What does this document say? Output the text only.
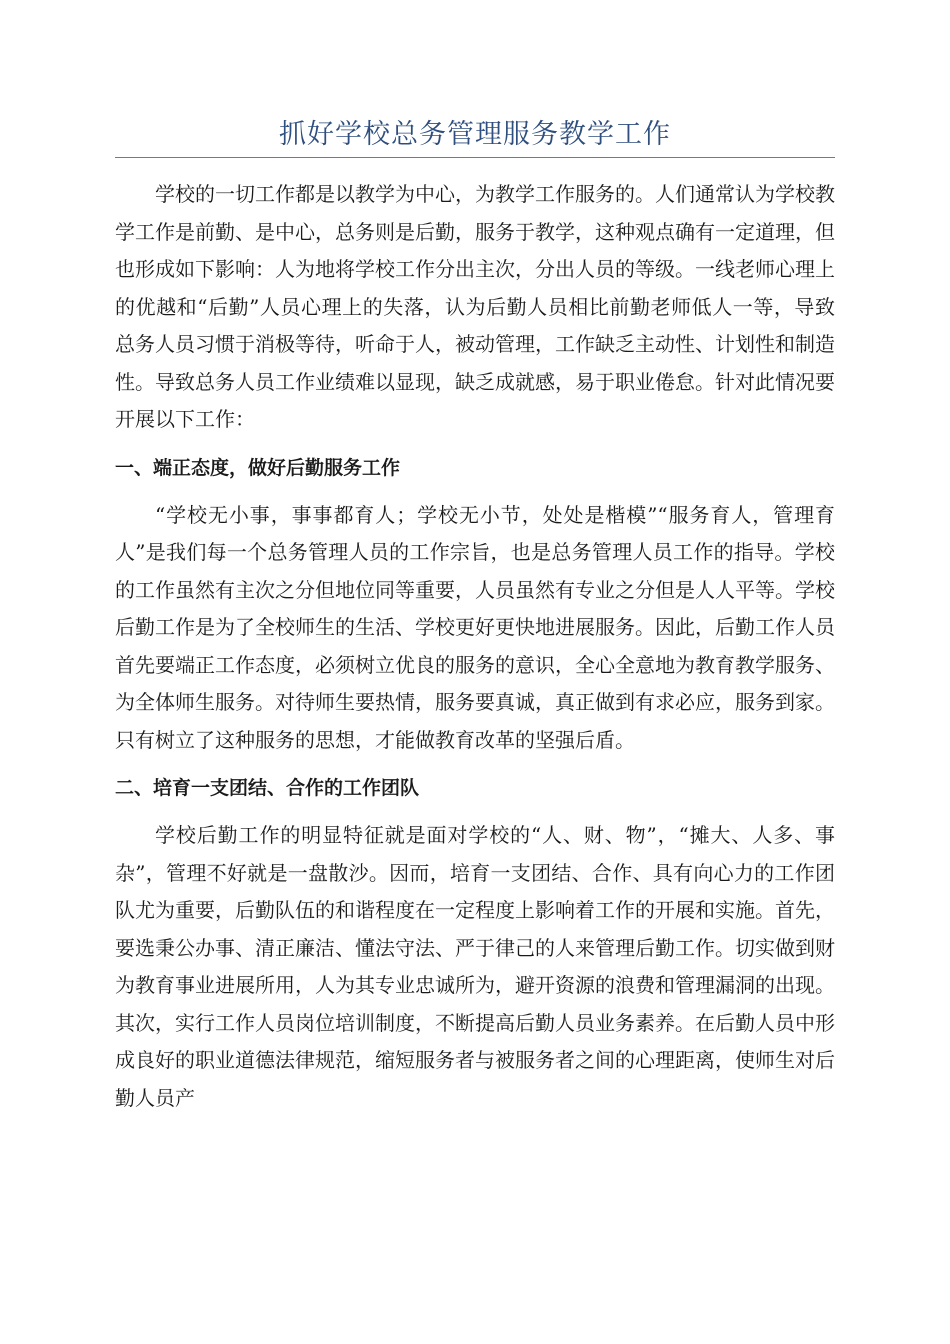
抓好学校总务管理服务教学工作

学校的一切工作都是以教学为中心，为教学工作服务的。人们通常认为学校教学工作是前勤、是中心，总务则是后勤，服务于教学，这种观点确有一定道理，但也形成如下影响：人为地将学校工作分出主次，分出人员的等级。一线老师心理上的优越和“后勤”人员心理上的失落，认为后勤人员相比前勤老师低人一等，导致总务人员习惯于消极等待，听命于人，被动管理，工作缺乏主动性、计划性和制造性。导致总务人员工作业绩难以显现，缺乏成就感，易于职业倦怠。针对此情况要开展以下工作：

一、端正态度，做好后勤服务工作

“学校无小事，事事都育人；学校无小节，处处是楷模”“服务育人，管理育人”是我们每一个总务管理人员的工作宗旨，也是总务管理人员工作的指导。学校的工作虽然有主次之分但地位同等重要，人员虽然有专业之分但是人人平等。学校后勤工作是为了全校师生的生活、学校更好更快地进展服务。因此，后勤工作人员首先要端正工作态度，必须树立优良的服务的意识，全心全意地为教育教学服务、为全体师生服务。对待师生要热情，服务要真诚，真正做到有求必应，服务到家。只有树立了这种服务的思想，才能做教育改革的坚强后盾。

二、培育一支团结、合作的工作团队

学校后勤工作的明显特征就是面对学校的“人、财、物”，“摊大、人多、事杂”，管理不好就是一盘散沙。因而，培育一支团结、合作、具有向心力的工作团队尤为重要，后勤队伍的和谐程度在一定程度上影响着工作的开展和实施。首先，要选秉公办事、清正廉洁、懂法守法、严于律己的人来管理后勤工作。切实做到财为教育事业进展所用，人为其专业忠诚所为，避开资源的浪费和管理漏洞的出现。其次，实行工作人员岗位培训制度，不断提高后勤人员业务素养。在后勤人员中形成良好的职业道德法律规范，缩短服务者与被服务者之间的心理距离，使师生对后勤人员产
